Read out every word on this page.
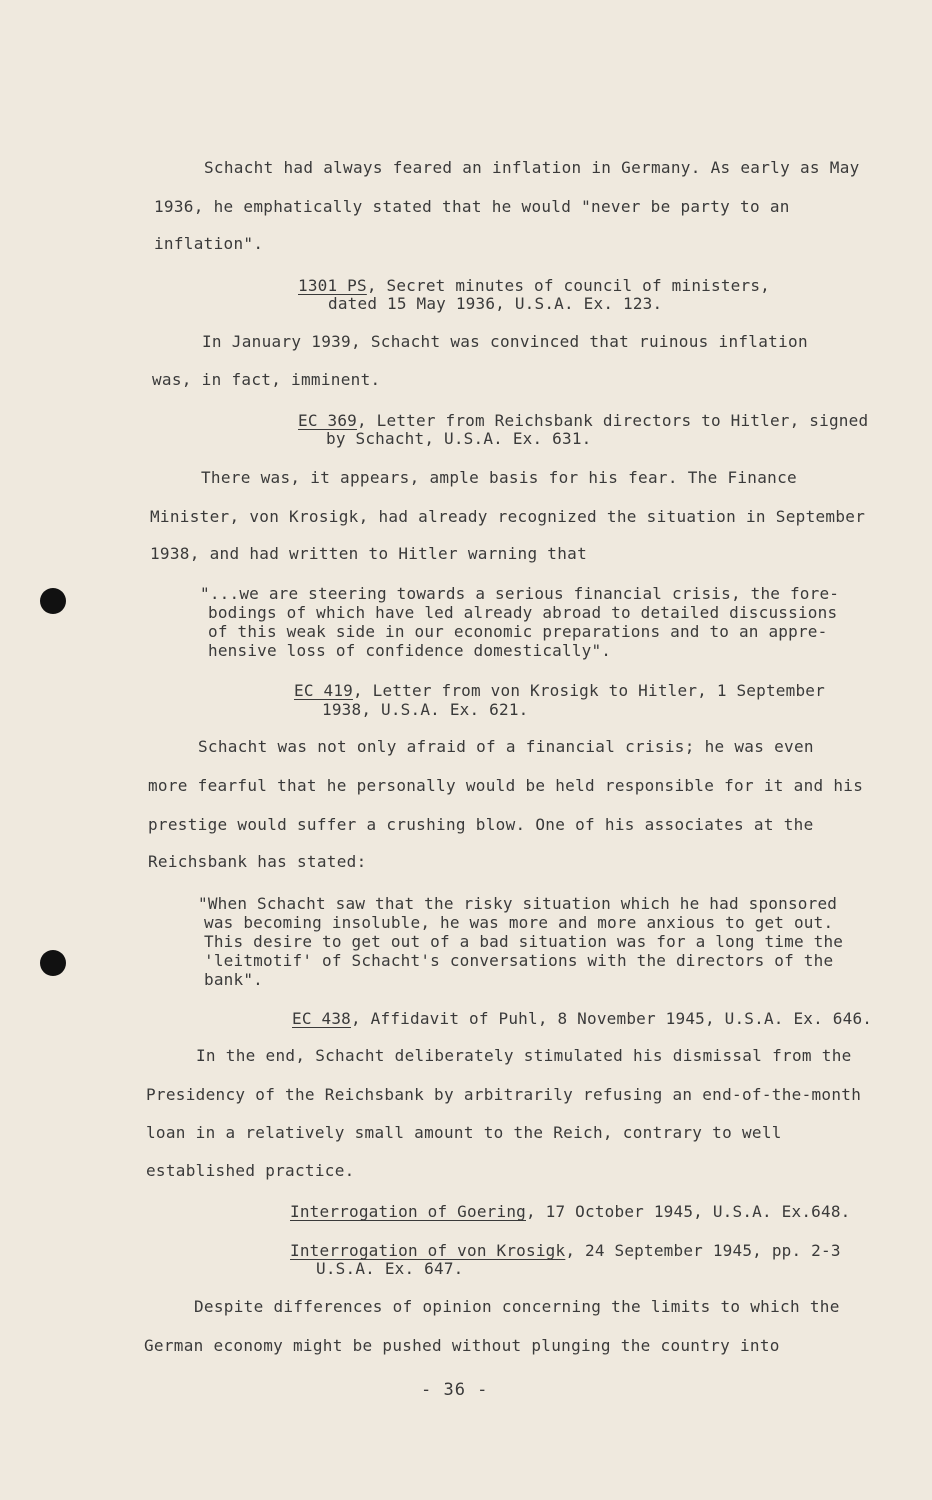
Schacht had always feared an inflation in Germany. As early as May
1936, he emphatically stated that he would "never be party to an
inflation".
1301 PS, Secret minutes of council of ministers,
dated 15 May 1936, U.S.A. Ex. 123.
In January 1939, Schacht was convinced that ruinous inflation
was, in fact, imminent.
EC 369, Letter from Reichsbank directors to Hitler, signed
by Schacht, U.S.A. Ex. 631.
There was, it appears, ample basis for his fear. The Finance
Minister, von Krosigk, had already recognized the situation in September
1938, and had written to Hitler warning that
"...we are steering towards a serious financial crisis, the fore-
bodings of which have led already abroad to detailed discussions
of this weak side in our economic preparations and to an appre-
hensive loss of confidence domestically".
EC 419, Letter from von Krosigk to Hitler, 1 September
1938, U.S.A. Ex. 621.
Schacht was not only afraid of a financial crisis; he was even
more fearful that he personally would be held responsible for it and his
prestige would suffer a crushing blow. One of his associates at the
Reichsbank has stated:
"When Schacht saw that the risky situation which he had sponsored
was becoming insoluble, he was more and more anxious to get out.
This desire to get out of a bad situation was for a long time the
'leitmotif' of Schacht's conversations with the directors of the
bank".
EC 438, Affidavit of Puhl, 8 November 1945, U.S.A. Ex. 646.
In the end, Schacht deliberately stimulated his dismissal from the
Presidency of the Reichsbank by arbitrarily refusing an end-of-the-month
loan in a relatively small amount to the Reich, contrary to well
established practice.
Interrogation of Goering, 17 October 1945, U.S.A. Ex.648.
Interrogation of von Krosigk, 24 September 1945, pp. 2-3
U.S.A. Ex. 647.
Despite differences of opinion concerning the limits to which the
German economy might be pushed without plunging the country into
- 36 -
